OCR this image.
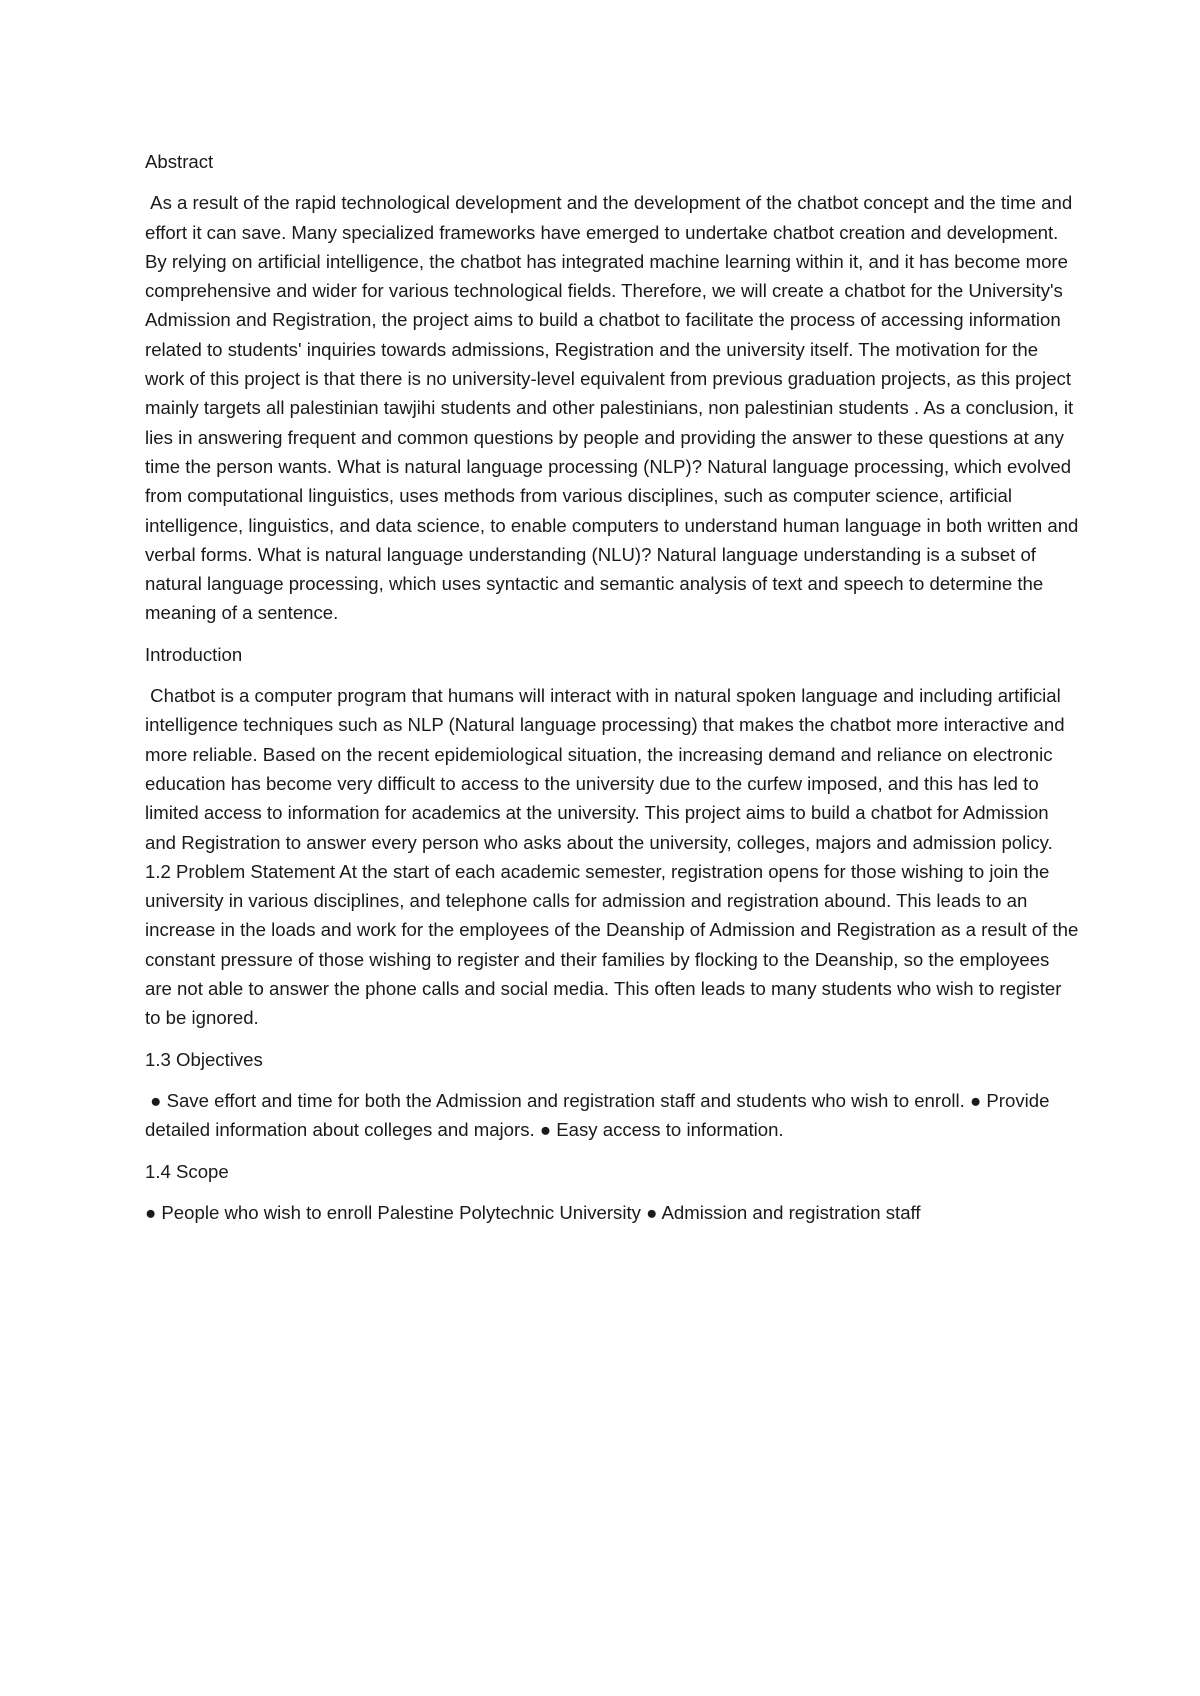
Abstract
As a result of the rapid technological development and the development of the chatbot concept and the time and effort it can save. Many specialized frameworks have emerged to undertake chatbot creation and development. By relying on artificial intelligence, the chatbot has integrated machine learning within it, and it has become more comprehensive and wider for various technological fields. Therefore, we will create a chatbot for the University's Admission and Registration, the project aims to build a chatbot to facilitate the process of accessing information related to students' inquiries towards admissions, Registration and the university itself. The motivation for the work of this project is that there is no university-level equivalent from previous graduation projects, as this project mainly targets all palestinian tawjihi students and other palestinians, non palestinian students . As a conclusion, it lies in answering frequent and common questions by people and providing the answer to these questions at any time the person wants. What is natural language processing (NLP)? Natural language processing, which evolved from computational linguistics, uses methods from various disciplines, such as computer science, artificial intelligence, linguistics, and data science, to enable computers to understand human language in both written and verbal forms. What is natural language understanding (NLU)? Natural language understanding is a subset of natural language processing, which uses syntactic and semantic analysis of text and speech to determine the meaning of a sentence.
Introduction
Chatbot is a computer program that humans will interact with in natural spoken language and including artificial intelligence techniques such as NLP (Natural language processing) that makes the chatbot more interactive and more reliable. Based on the recent epidemiological situation, the increasing demand and reliance on electronic education has become very difficult to access to the university due to the curfew imposed, and this has led to limited access to information for academics at the university. This project aims to build a chatbot for Admission and Registration to answer every person who asks about the university, colleges, majors and admission policy. 1.2 Problem Statement At the start of each academic semester, registration opens for those wishing to join the university in various disciplines, and telephone calls for admission and registration abound. This leads to an increase in the loads and work for the employees of the Deanship of Admission and Registration as a result of the constant pressure of those wishing to register and their families by flocking to the Deanship, so the employees are not able to answer the phone calls and social media. This often leads to many students who wish to register to be ignored.
1.3 Objectives
● Save effort and time for both the Admission and registration staff and students who wish to enroll. ● Provide detailed information about colleges and majors. ● Easy access to information.
1.4 Scope
● People who wish to enroll Palestine Polytechnic University ● Admission and registration staff
